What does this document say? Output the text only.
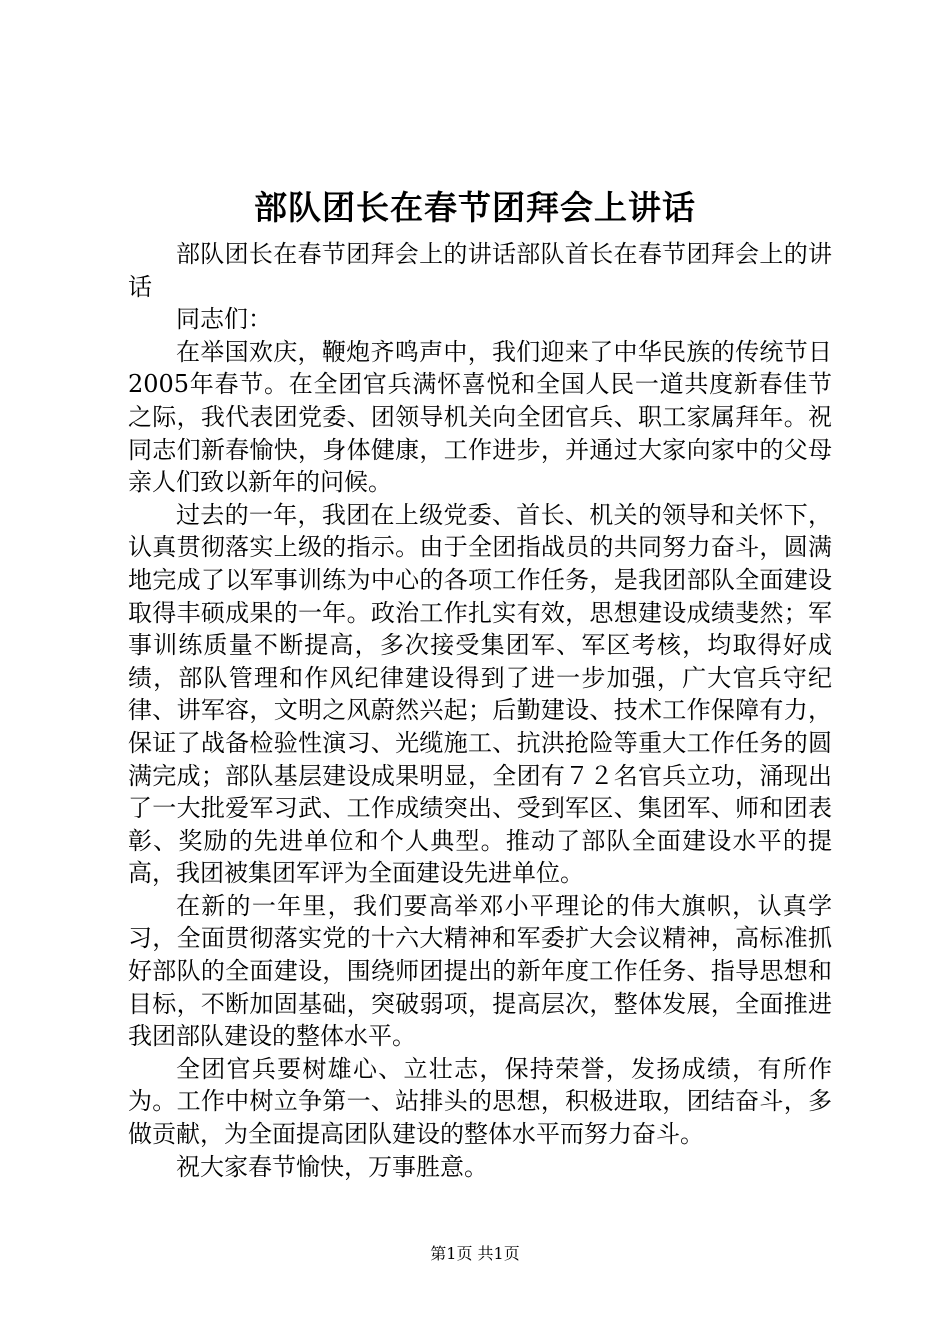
部队团长在春节团拜会上讲话

部队团长在春节团拜会上的讲话部队首长在春节团拜会上的讲话

同志们：

在举国欢庆，鞭炮齐鸣声中，我们迎来了中华民族的传统节日2005年春节。在全团官兵满怀喜悦和全国人民一道共度新春佳节之际，我代表团党委、团领导机关向全团官兵、职工家属拜年。祝同志们新春愉快，身体健康，工作进步，并通过大家向家中的父母亲人们致以新年的问候。

过去的一年，我团在上级党委、首长、机关的领导和关怀下，认真贯彻落实上级的指示。由于全团指战员的共同努力奋斗，圆满地完成了以军事训练为中心的各项工作任务，是我团部队全面建设取得丰硕成果的一年。政治工作扎实有效，思想建设成绩斐然；军事训练质量不断提高，多次接受集团军、军区考核，均取得好成绩，部队管理和作风纪律建设得到了进一步加强，广大官兵守纪律、讲军容，文明之风蔚然兴起；后勤建设、技术工作保障有力，保证了战备检验性演习、光缆施工、抗洪抢险等重大工作任务的圆满完成；部队基层建设成果明显，全团有７２名官兵立功，涌现出了一大批爱军习武、工作成绩突出、受到军区、集团军、师和团表彰、奖励的先进单位和个人典型。推动了部队全面建设水平的提高，我团被集团军评为全面建设先进单位。

在新的一年里，我们要高举邓小平理论的伟大旗帜，认真学习，全面贯彻落实党的十六大精神和军委扩大会议精神，高标准抓好部队的全面建设，围绕师团提出的新年度工作任务、指导思想和目标，不断加固基础，突破弱项，提高层次，整体发展，全面推进我团部队建设的整体水平。

全团官兵要树雄心、立壮志，保持荣誉，发扬成绩，有所作为。工作中树立争第一、站排头的思想，积极进取，团结奋斗，多做贡献，为全面提高团队建设的整体水平而努力奋斗。

祝大家春节愉快，万事胜意。

第1页 共1页
